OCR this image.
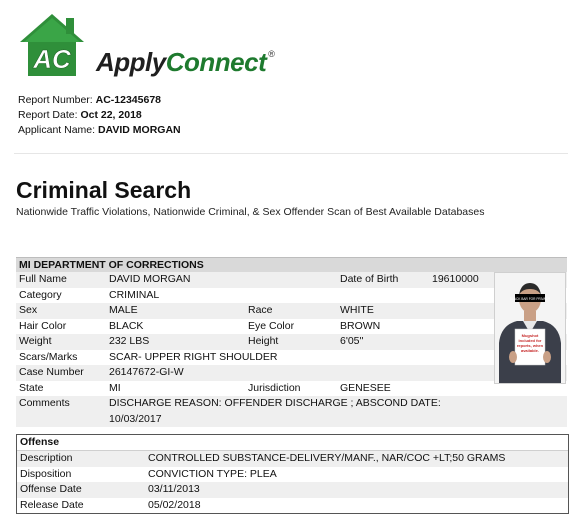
AC ApplyConnect ®
Report Number: AC-12345678
Report Date: Oct 22, 2018
Applicant Name: DAVID MORGAN
Criminal Search
Nationwide Traffic Violations, Nationwide Criminal, & Sex Offender Scan of Best Available Databases
MI DEPARTMENT OF CORRECTIONS
Full Name	DAVID MORGAN	Date of Birth	19610000
Category	CRIMINAL
Sex	MALE	Race	WHITE
Hair Color	BLACK	Eye Color	BROWN
Weight	232 LBS	Height	6'05''
Scars/Marks	SCAR- UPPER RIGHT SHOULDER
Case Number 26147672-GI-W
State	MI	Jurisdiction	GENESEE
Comments	DISCHARGE REASON: OFFENDER DISCHARGE ; ABSCOND DATE: 10/03/2017
BLACK BAR FOR PRIVACY
Mugshot included for reports, when available.
Offense
Description	CONTROLLED SUBSTANCE-DELIVERY/MANF., NAR/COC +LT;50 GRAMS
Disposition	CONVICTION TYPE: PLEA
Offense Date	03/11/2013
Release Date	05/02/2018
